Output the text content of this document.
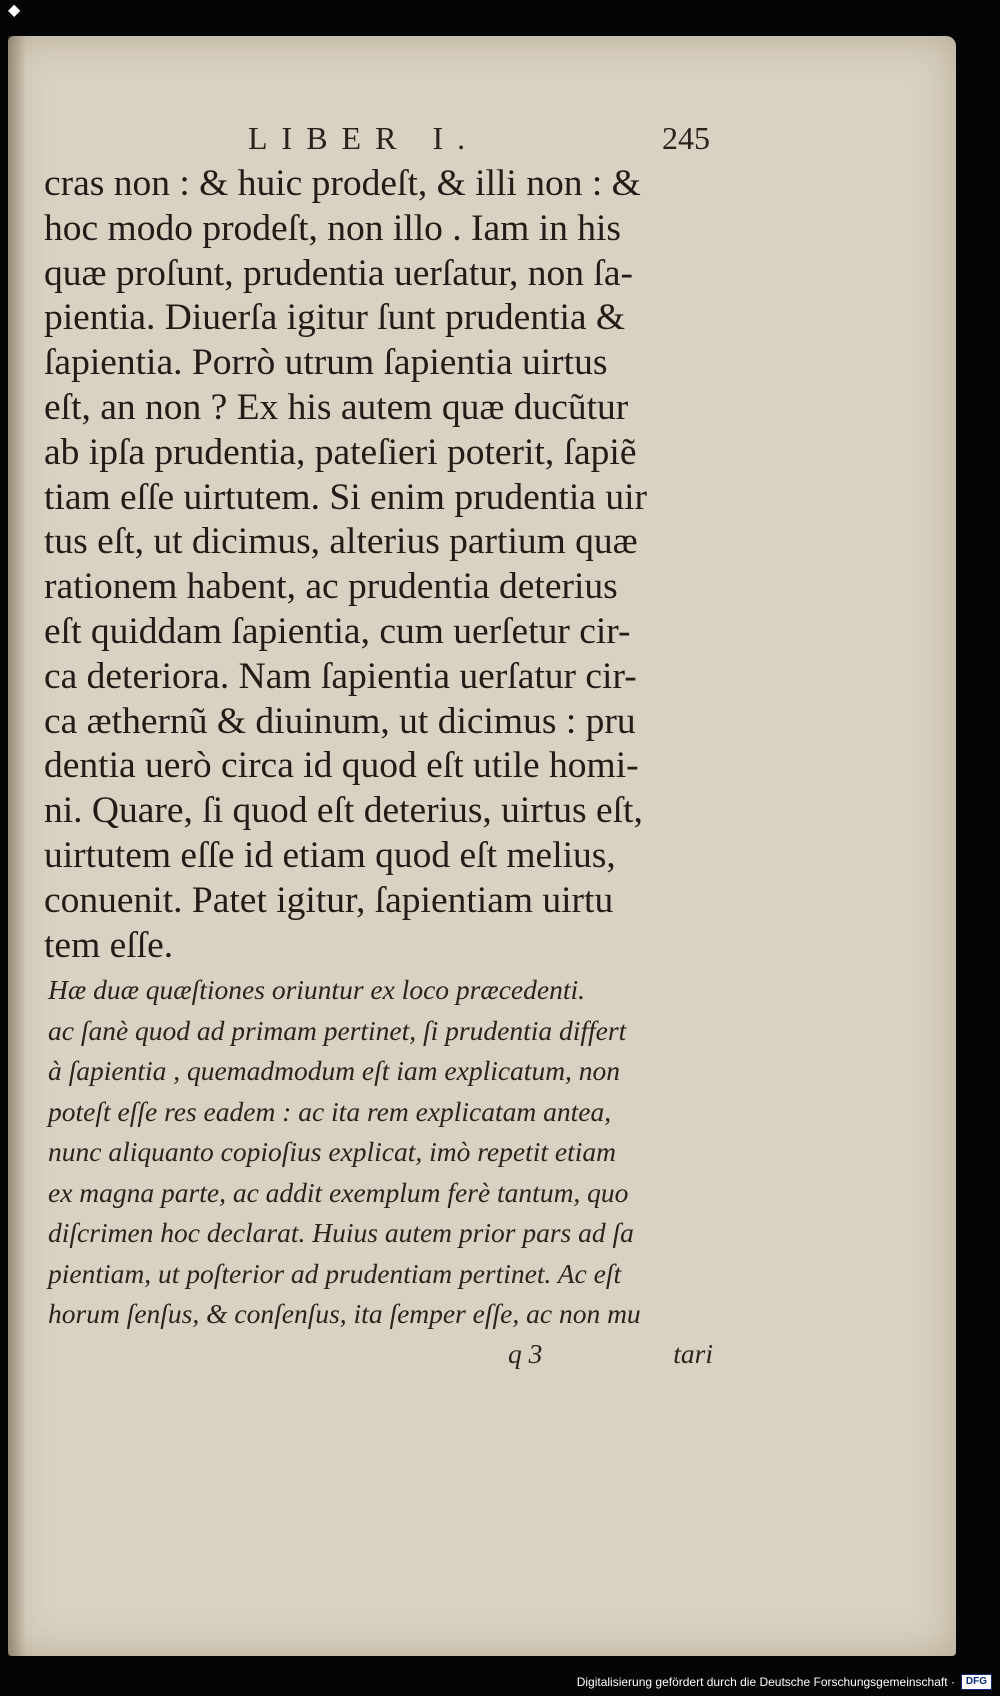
◆
LIBER I.	245
cras non : & huic prodeſt, & illi non : &
hoc modo prodeſt, non illo . Iam in his
quæ proſunt, prudentia uerſatur, non ſa-
pientia. Diuerſa igitur ſunt prudentia &
ſapientia. Porrò utrum ſapientia uirtus
eſt, an non ? Ex his autem quæ ducũtur
ab ipſa prudentia, pateſieri poterit, ſapiẽ
tiam eſſe uirtutem. Si enim prudentia uir
tus eſt, ut dicimus, alterius partium quæ
rationem habent, ac prudentia deterius
eſt quiddam ſapientia, cum uerſetur cir-
ca deteriora. Nam ſapientia uerſatur cir-
ca æthernũ & diuinum, ut dicimus : pru
dentia uerò circa id quod eſt utile homi-
ni. Quare, ſi quod eſt deterius, uirtus eſt,
uirtutem eſſe id etiam quod eſt melius,
conuenit. Patet igitur, ſapientiam uirtu
tem eſſe.
Hæ duæ quæſtiones oriuntur ex loco præcedenti.
ac ſanè quod ad primam pertinet, ſi prudentia differt
à ſapientia , quemadmodum eſt iam explicatum, non
poteſt eſſe res eadem : ac ita rem explicatam antea,
nunc aliquanto copioſius explicat, imò repetit etiam
ex magna parte, ac addit exemplum ferè tantum, quo
diſcrimen hoc declarat. Huius autem prior pars ad ſa
pientiam, ut poſterior ad prudentiam pertinet. Ac eſt
horum ſenſus, & conſenſus, ita ſemper eſſe, ac non mu
q 3	tari
Digitalisierung gefördert durch die Deutsche Forschungsgemeinschaft ·	DFG
